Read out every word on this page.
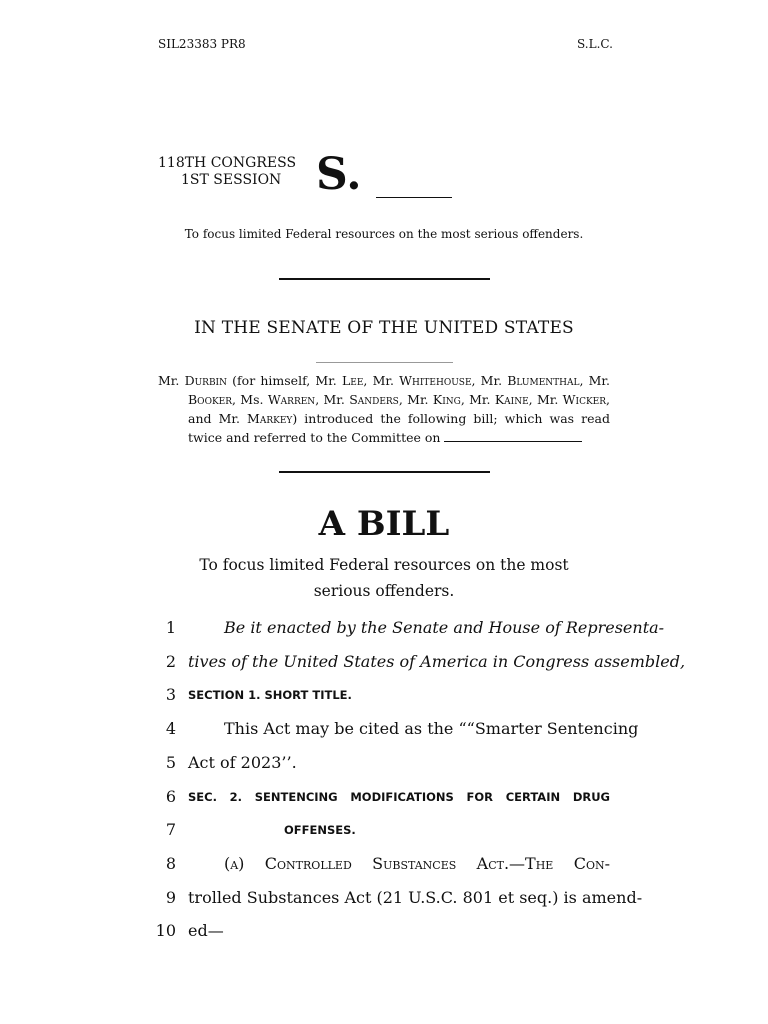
SIL23383 PR8	S.L.C.
118TH CONGRESS
1ST SESSION S.
To focus limited Federal resources on the most serious offenders.
IN THE SENATE OF THE UNITED STATES

Mr. Durbin (for himself, Mr. Lee, Mr. Whitehouse, Mr. Blumenthal, Mr. Booker, Ms. Warren, Mr. Sanders, Mr. King, Mr. Kaine, Mr. Wicker, and Mr. Markey) introduced the following bill; which was read twice and referred to the Committee on

A BILL
To focus limited Federal resources on the most serious offenders.
1	Be it enacted by the Senate and House of Representa-
2 tives of the United States of America in Congress assembled,
3 SECTION 1. SHORT TITLE.
4	This Act may be cited as the ““Smarter Sentencing
5 Act of 2023’’.
6 SEC. 2. SENTENCING MODIFICATIONS FOR CERTAIN DRUG
7	OFFENSES.
8	(a) Controlled Substances Act.—The Con-
9 trolled Substances Act (21 U.S.C. 801 et seq.) is amend-
10 ed—
